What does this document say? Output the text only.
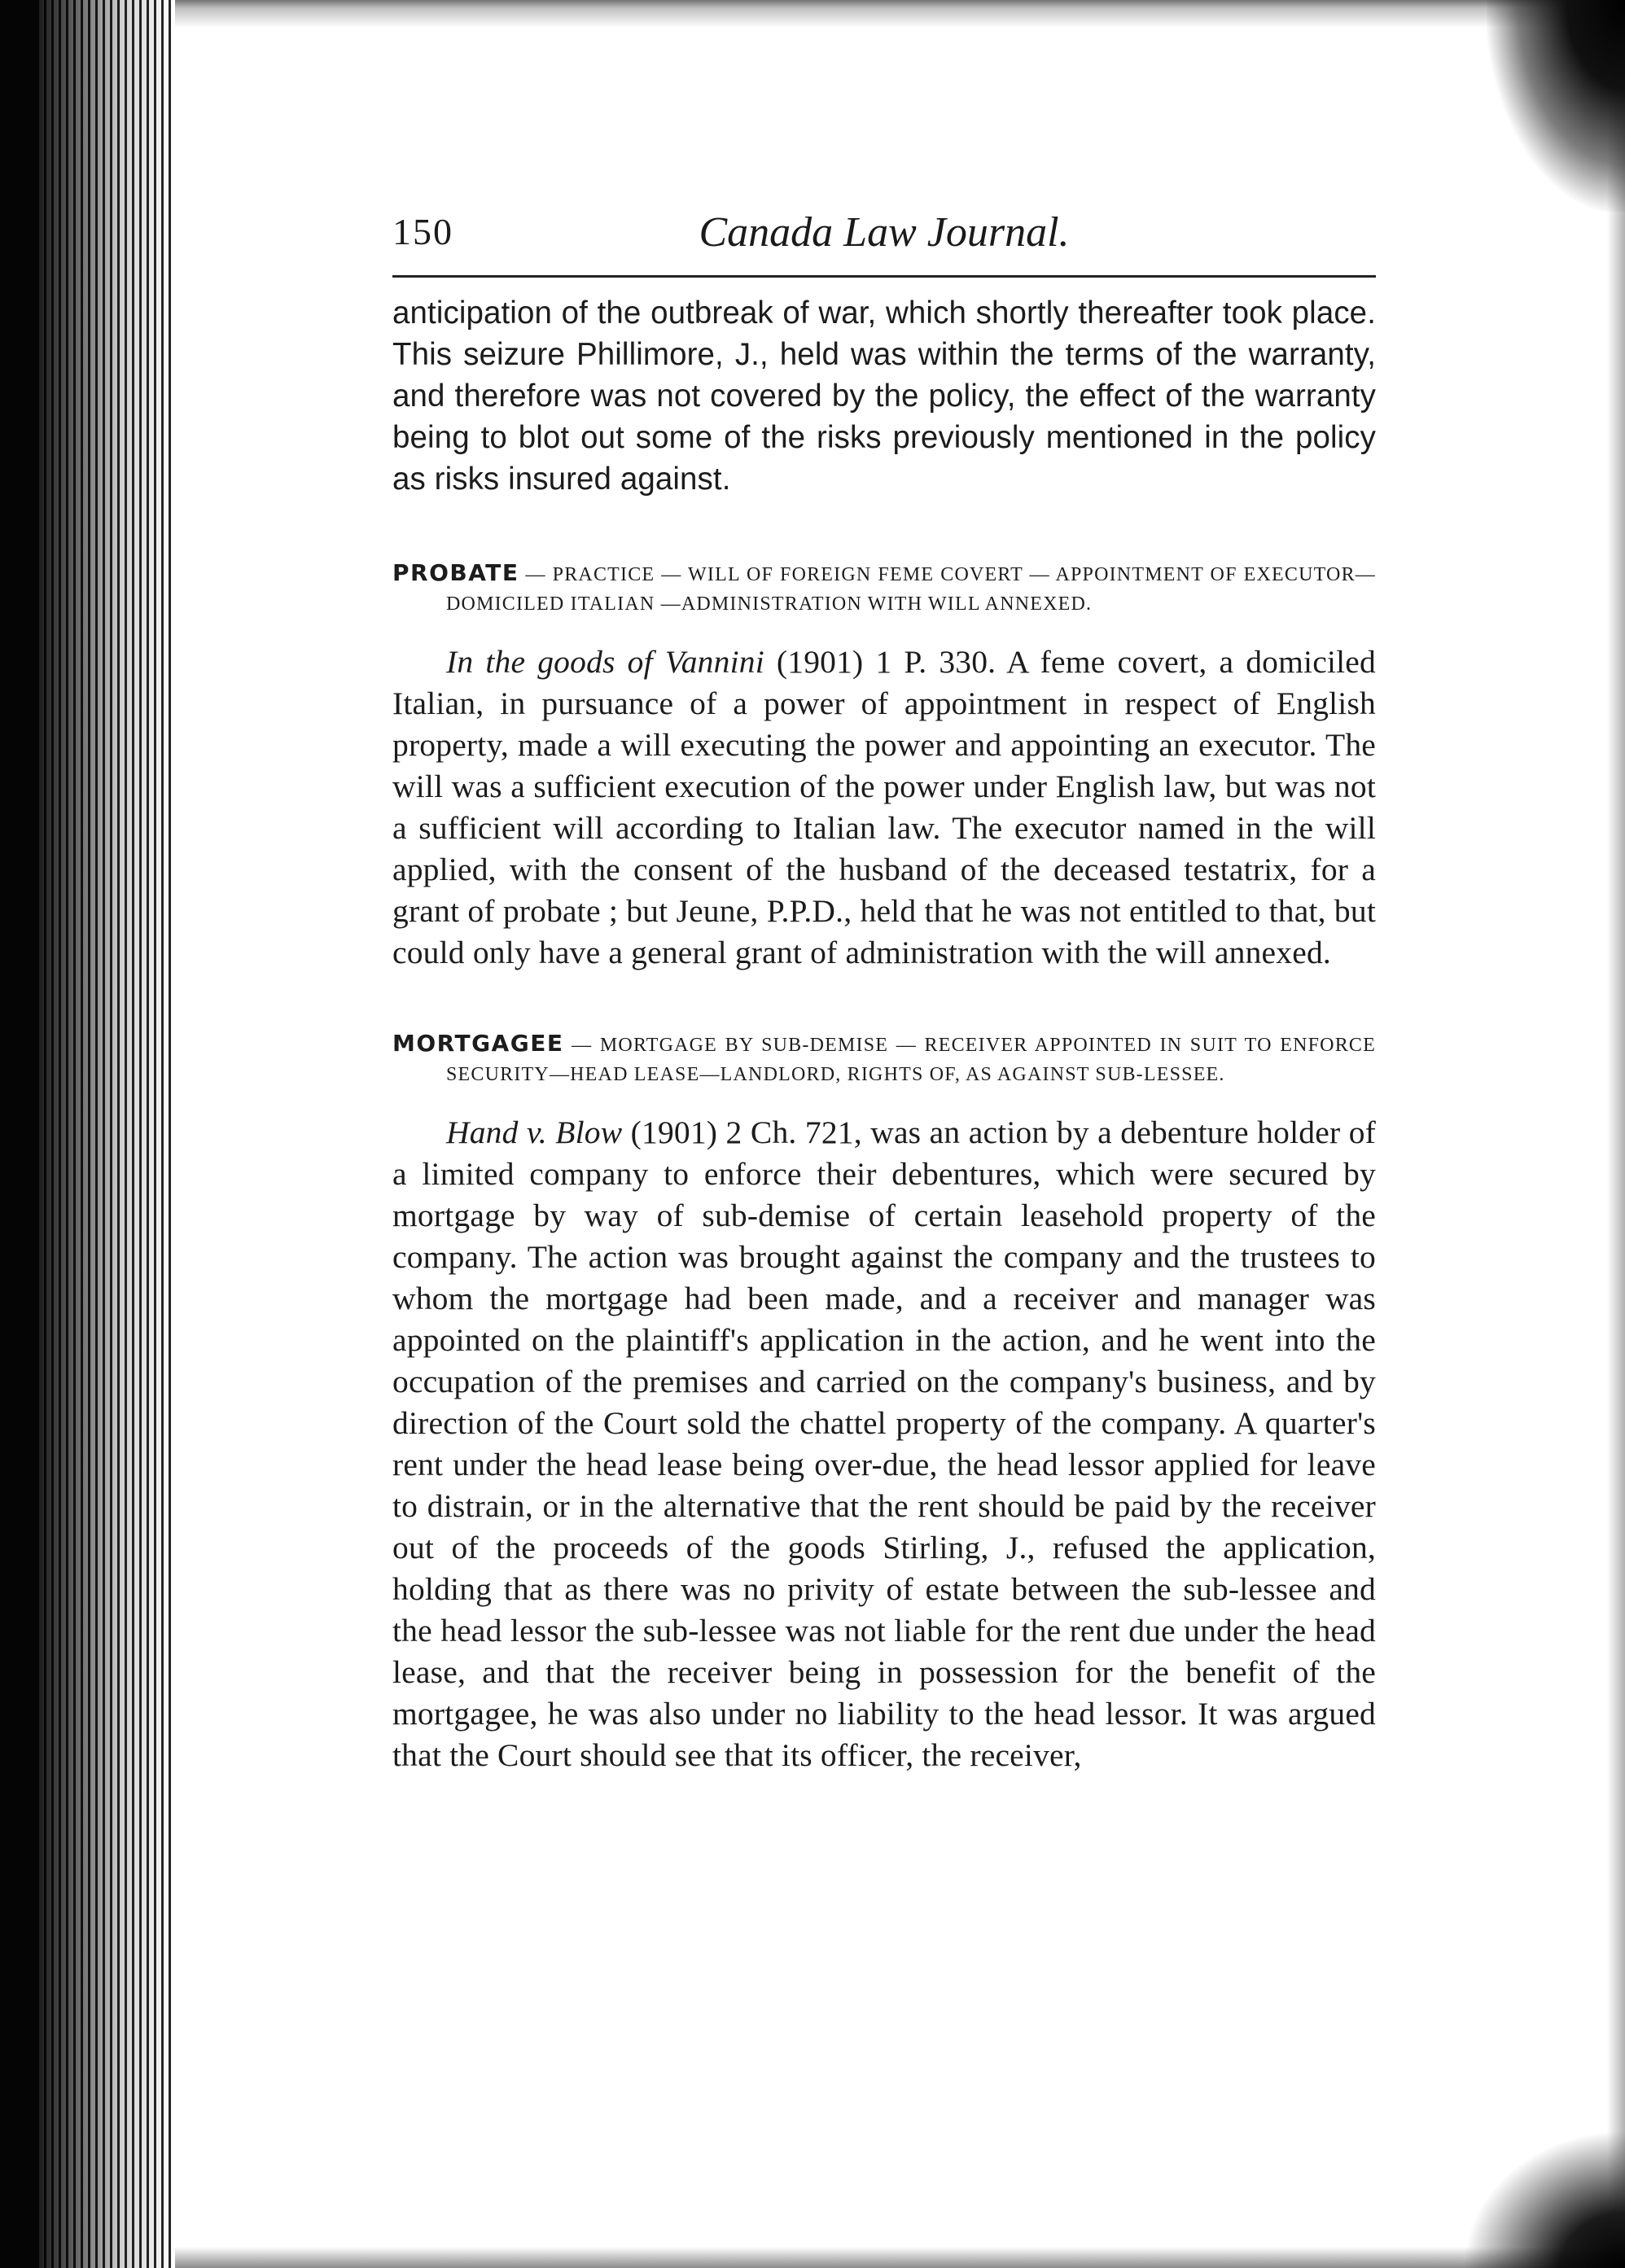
150	Canada Law Journal.

anticipation of the outbreak of war, which shortly thereafter took place. This seizure Phillimore, J., held was within the terms of the warranty, and therefore was not covered by the policy, the effect of the warranty being to blot out some of the risks previously mentioned in the policy as risks insured against.

PROBATE — PRACTICE — WILL OF FOREIGN FEME COVERT — APPOINTMENT OF EXECUTOR—DOMICILED ITALIAN —ADMINISTRATION WITH WILL ANNEXED.

In the goods of Vannini (1901) 1 P. 330. A feme covert, a domiciled Italian, in pursuance of a power of appointment in respect of English property, made a will executing the power and appointing an executor. The will was a sufficient execution of the power under English law, but was not a sufficient will according to Italian law. The executor named in the will applied, with the consent of the husband of the deceased testatrix, for a grant of probate ; but Jeune, P.P.D., held that he was not entitled to that, but could only have a general grant of administration with the will annexed.

MORTGAGEE — MORTGAGE BY SUB-DEMISE — RECEIVER APPOINTED IN SUIT TO ENFORCE SECURITY—HEAD LEASE—LANDLORD, RIGHTS OF, AS AGAINST SUB-LESSEE.

Hand v. Blow (1901) 2 Ch. 721, was an action by a debenture holder of a limited company to enforce their debentures, which were secured by mortgage by way of sub-demise of certain leasehold property of the company. The action was brought against the company and the trustees to whom the mortgage had been made, and a receiver and manager was appointed on the plaintiff's application in the action, and he went into the occupation of the premises and carried on the company's business, and by direction of the Court sold the chattel property of the company. A quarter's rent under the head lease being over-due, the head lessor applied for leave to distrain, or in the alternative that the rent should be paid by the receiver out of the proceeds of the goods Stirling, J., refused the application, holding that as there was no privity of estate between the sub-lessee and the head lessor the sub-lessee was not liable for the rent due under the head lease, and that the receiver being in possession for the benefit of the mortgagee, he was also under no liability to the head lessor. It was argued that the Court should see that its officer, the receiver,
